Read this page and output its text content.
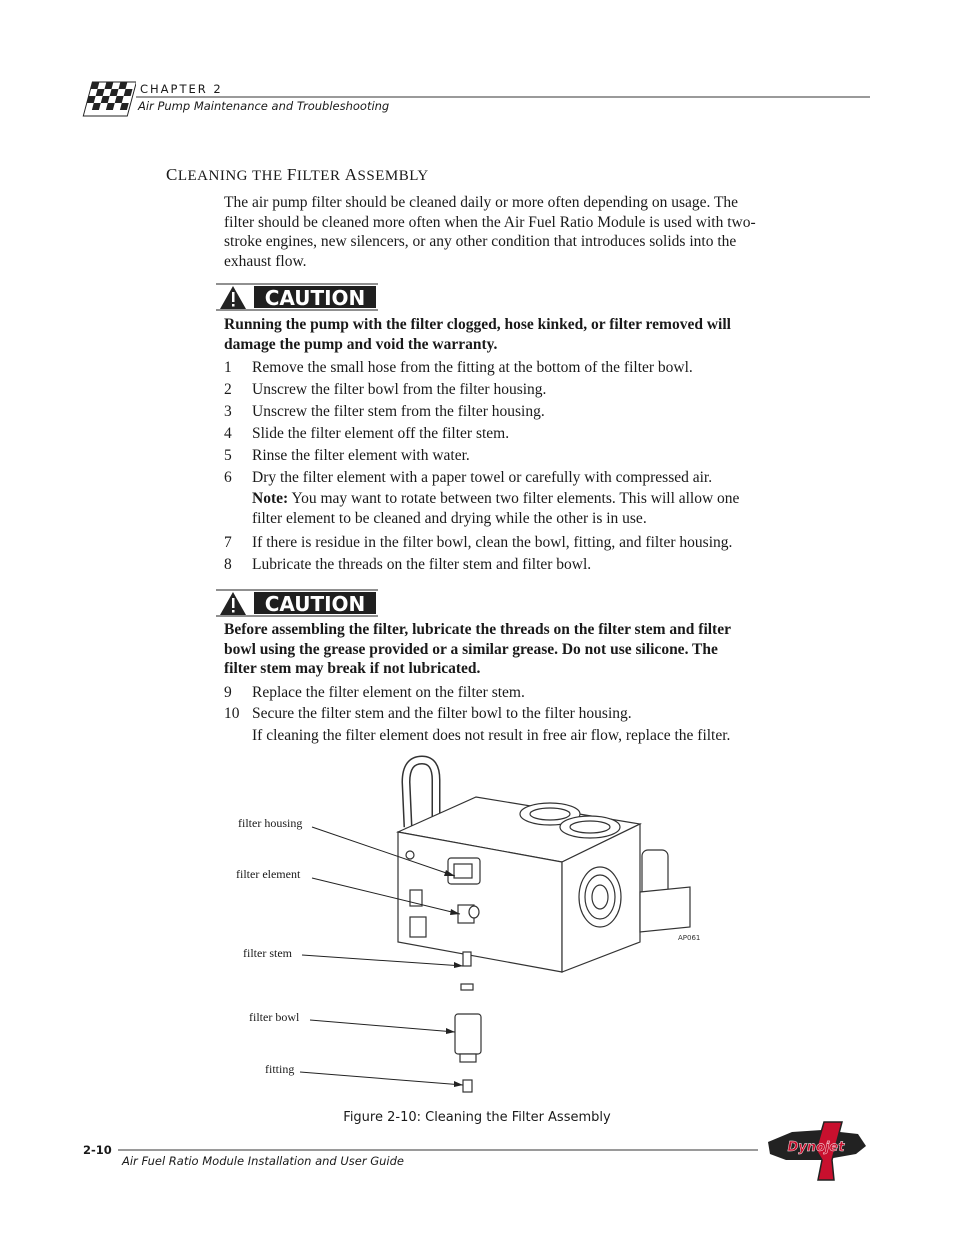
CHAPTER 2
Air Pump Maintenance and Troubleshooting
CLEANING THE FILTER ASSEMBLY
The air pump filter should be cleaned daily or more often depending on usage. The
filter should be cleaned more often when the Air Fuel Ratio Module is used with two-
stroke engines, new silencers, or any other condition that introduces solids into the
exhaust flow.
CAUTION
Running the pump with the filter clogged, hose kinked, or filter removed will
damage the pump and void the warranty.
1 Remove the small hose from the fitting at the bottom of the filter bowl.
2 Unscrew the filter bowl from the filter housing.
3 Unscrew the filter stem from the filter housing.
4 Slide the filter element off the filter stem.
5 Rinse the filter element with water.
6 Dry the filter element with a paper towel or carefully with compressed air.
Note: You may want to rotate between two filter elements. This will allow one
filter element to be cleaned and drying while the other is in use.
7 If there is residue in the filter bowl, clean the bowl, fitting, and filter housing.
8 Lubricate the threads on the filter stem and filter bowl.
CAUTION
Before assembling the filter, lubricate the threads on the filter stem and filter
bowl using the grease provided or a similar grease. Do not use silicone. The
filter stem may break if not lubricated.
9 Replace the filter element on the filter stem.
10 Secure the filter stem and the filter bowl to the filter housing.
If cleaning the filter element does not result in free air flow, replace the filter.
AP061
filter housing
filter element
filter stem
filter bowl
fitting
Figure 2-10: Cleaning the Filter Assembly
2-10
Air Fuel Ratio Module Installation and User Guide
Dynojet
